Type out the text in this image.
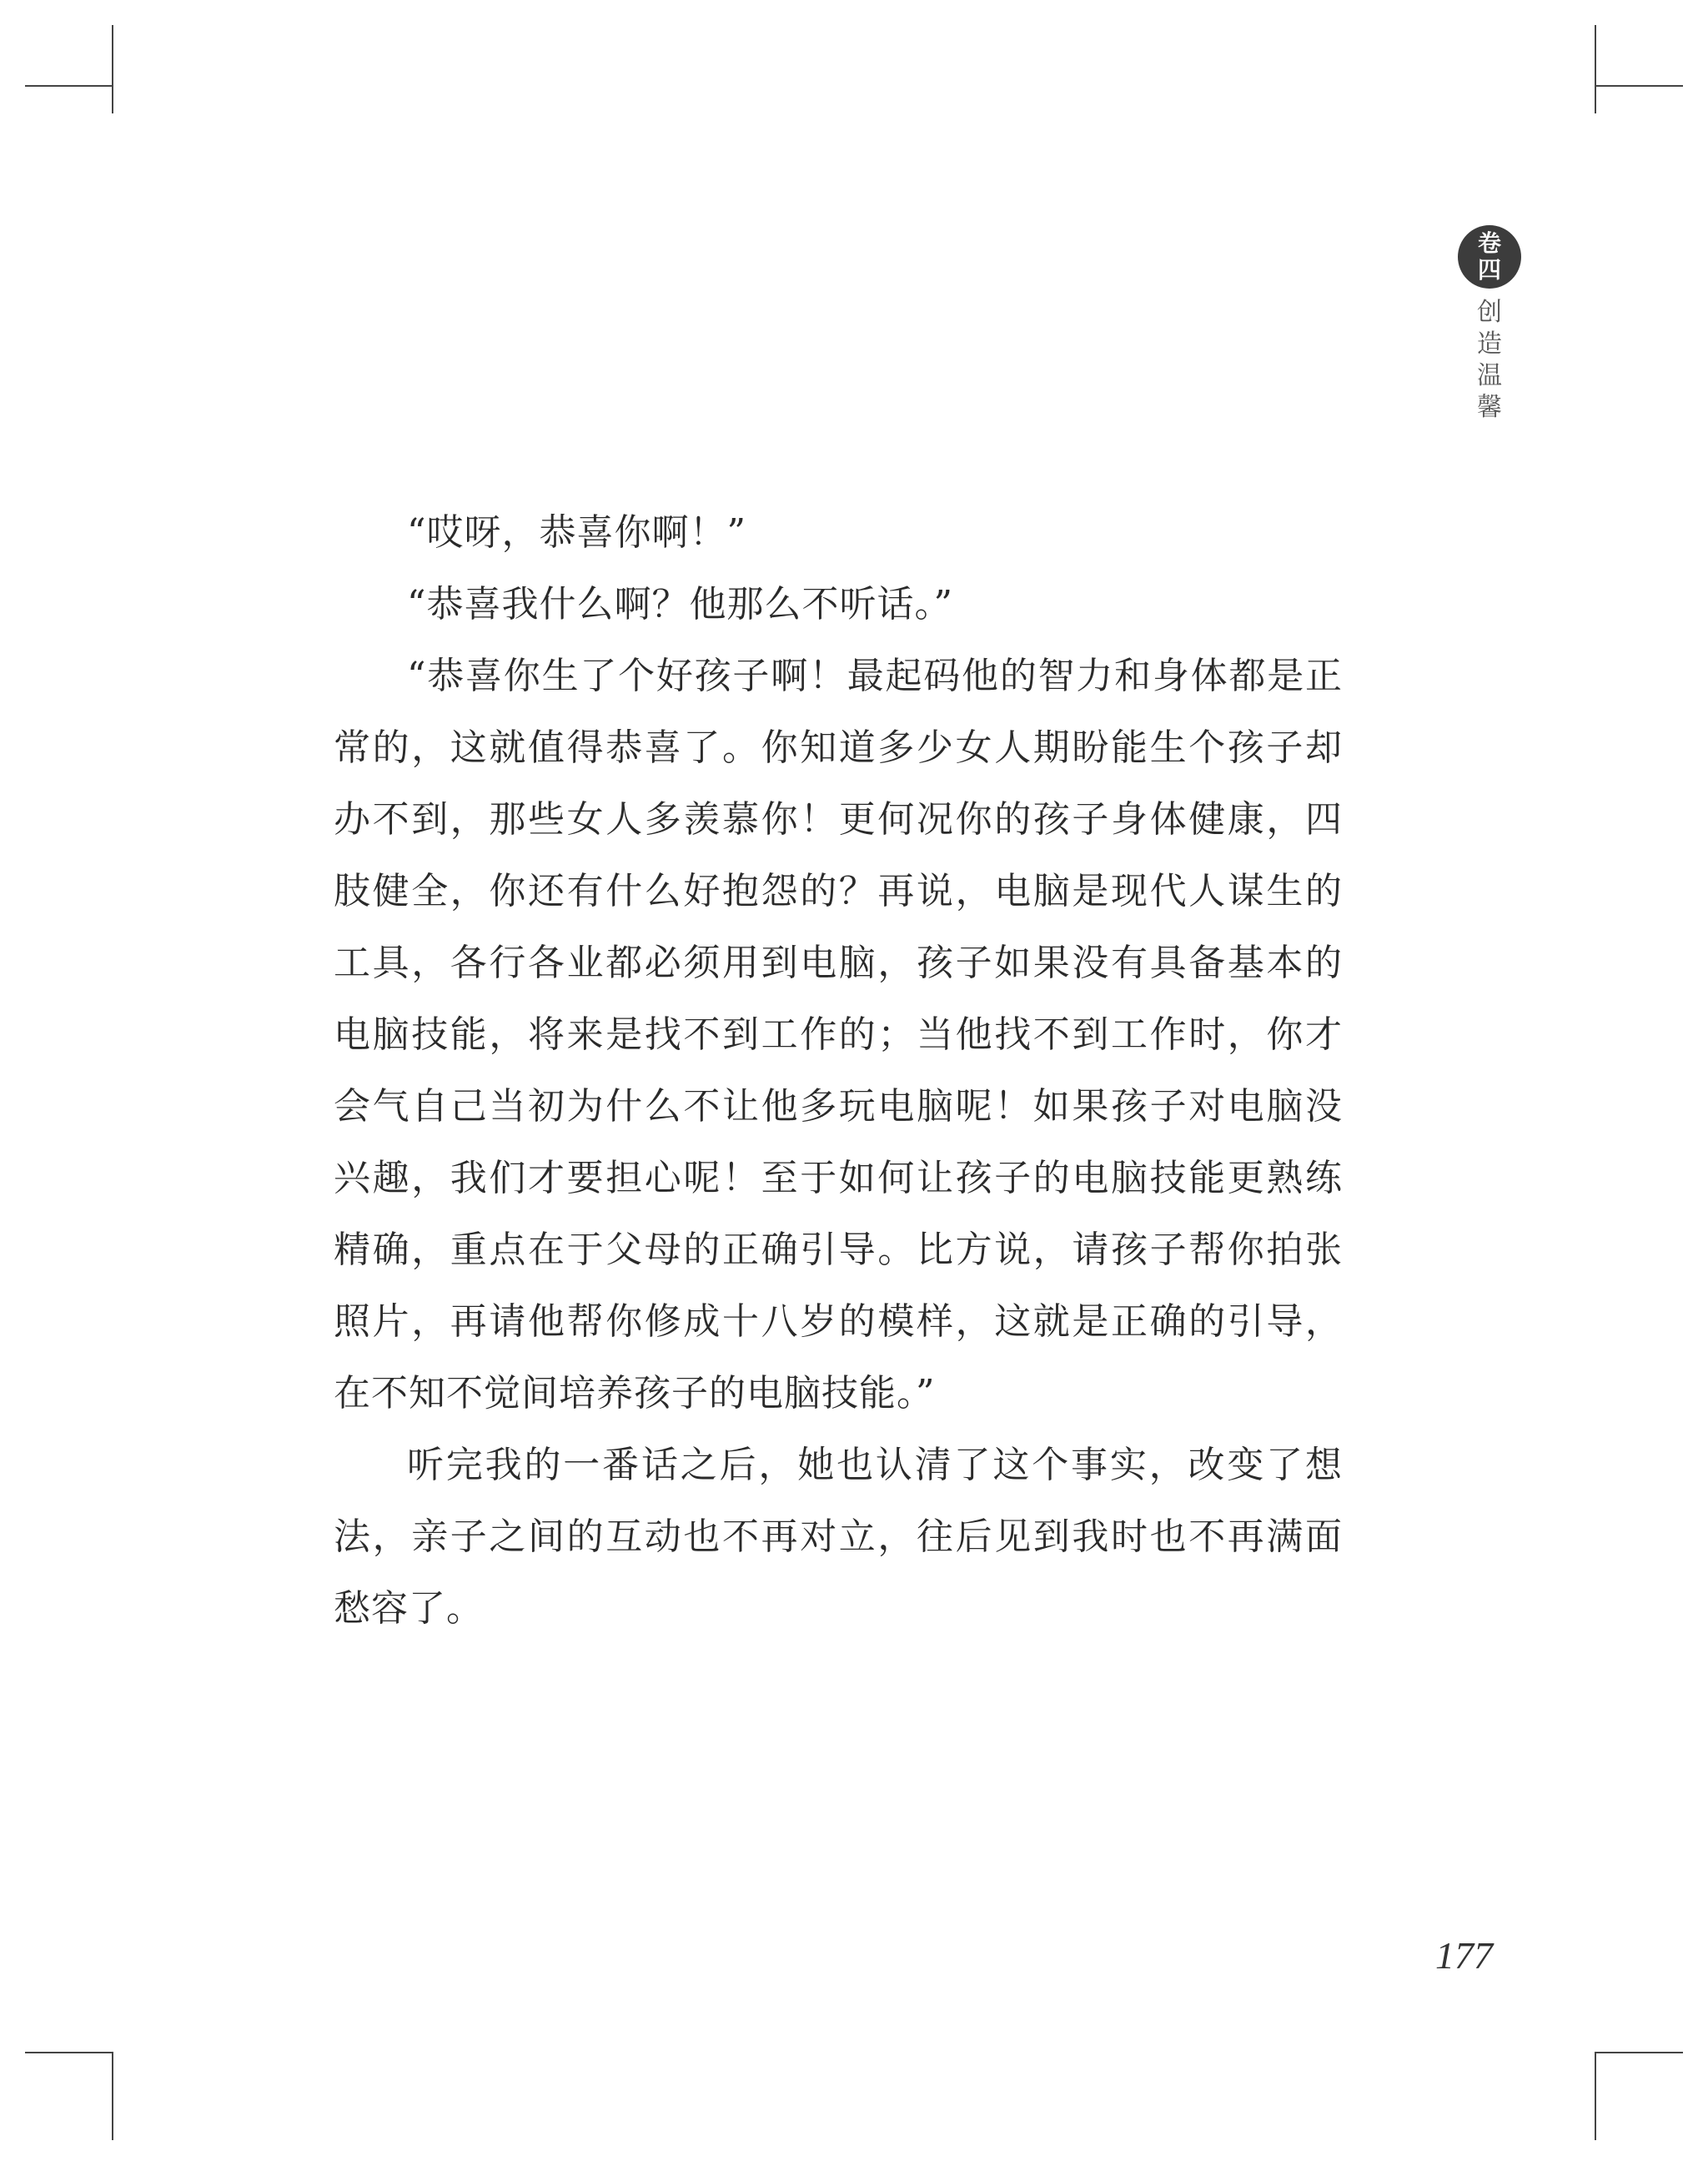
卷
四
创
造
温
馨

“哎呀，恭喜你啊！”

“恭喜我什么啊？他那么不听话。”

“恭喜你生了个好孩子啊！最起码他的智力和身体都是正常的，这就值得恭喜了。你知道多少女人期盼能生个孩子却办不到，那些女人多羡慕你！更何况你的孩子身体健康，四肢健全，你还有什么好抱怨的？再说，电脑是现代人谋生的工具，各行各业都必须用到电脑，孩子如果没有具备基本的电脑技能，将来是找不到工作的；当他找不到工作时，你才会气自己当初为什么不让他多玩电脑呢！如果孩子对电脑没兴趣，我们才要担心呢！至于如何让孩子的电脑技能更熟练精确，重点在于父母的正确引导。比方说，请孩子帮你拍张照片，再请他帮你修成十八岁的模样，这就是正确的引导，在不知不觉间培养孩子的电脑技能。”

听完我的一番话之后，她也认清了这个事实，改变了想法，亲子之间的互动也不再对立，往后见到我时也不再满面愁容了。

177
